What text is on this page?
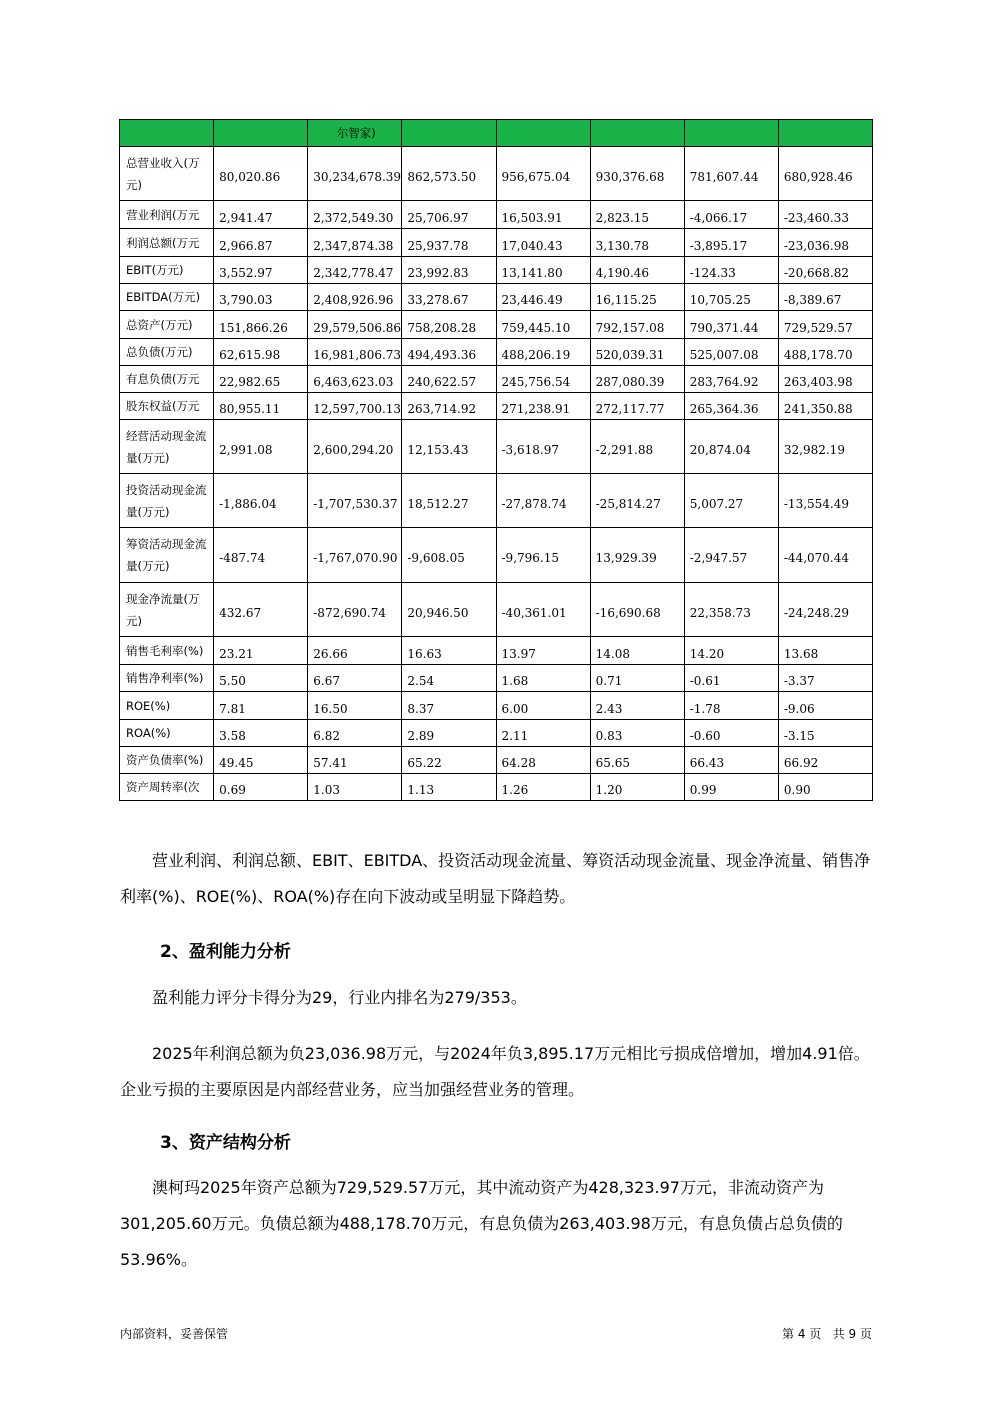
		尔智家)					

总营业收入(万元)	80,020.86	30,234,678.39	862,573.50	956,675.04	930,376.68	781,607.44	680,928.46
营业利润(万元	2,941.47	2,372,549.30	25,706.97	16,503.91	2,823.15	-4,066.17	-23,460.33
利润总额(万元	2,966.87	2,347,874.38	25,937.78	17,040.43	3,130.78	-3,895.17	-23,036.98
EBIT(万元)	3,552.97	2,342,778.47	23,992.83	13,141.80	4,190.46	-124.33	-20,668.82
EBITDA(万元)	3,790.03	2,408,926.96	33,278.67	23,446.49	16,115.25	10,705.25	-8,389.67
总资产(万元)	151,866.26	29,579,506.86	758,208.28	759,445.10	792,157.08	790,371.44	729,529.57
总负债(万元)	62,615.98	16,981,806.73	494,493.36	488,206.19	520,039.31	525,007.08	488,178.70
有息负债(万元	22,982.65	6,463,623.03	240,622.57	245,756.54	287,080.39	283,764.92	263,403.98
股东权益(万元	80,955.11	12,597,700.13	263,714.92	271,238.91	272,117.77	265,364.36	241,350.88
经营活动现金流量(万元)	2,991.08	2,600,294.20	12,153.43	-3,618.97	-2,291.88	20,874.04	32,982.19
投资活动现金流量(万元)	-1,886.04	-1,707,530.37	18,512.27	-27,878.74	-25,814.27	5,007.27	-13,554.49
筹资活动现金流量(万元)	-487.74	-1,767,070.90	-9,608.05	-9,796.15	13,929.39	-2,947.57	-44,070.44
现金净流量(万元)	432.67	-872,690.74	20,946.50	-40,361.01	-16,690.68	22,358.73	-24,248.29
销售毛利率(%)	23.21	26.66	16.63	13.97	14.08	14.20	13.68
销售净利率(%)	5.50	6.67	2.54	1.68	0.71	-0.61	-3.37
ROE(%)	7.81	16.50	8.37	6.00	2.43	-1.78	-9.06
ROA(%)	3.58	6.82	2.89	2.11	0.83	-0.60	-3.15
资产负债率(%)	49.45	57.41	65.22	64.28	65.65	66.43	66.92
资产周转率(次	0.69	1.03	1.13	1.26	1.20	0.99	0.90
营业利润、利润总额、EBIT、EBITDA、投资活动现金流量、筹资活动现金流量、现金净流量、销售净利率(%)、ROE(%)、ROA(%)存在向下波动或呈明显下降趋势。
2、盈利能力分析
盈利能力评分卡得分为29，行业内排名为279/353。
2025年利润总额为负23,036.98万元，与2024年负3,895.17万元相比亏损成倍增加，增加4.91倍。企业亏损的主要原因是内部经营业务，应当加强经营业务的管理。
3、资产结构分析
澳柯玛2025年资产总额为729,529.57万元，其中流动资产为428,323.97万元，非流动资产为301,205.60万元。负债总额为488,178.70万元，有息负债为263,403.98万元，有息负债占总负债的53.96%。
内部资料，妥善保管	第 4 页   共 9 页
